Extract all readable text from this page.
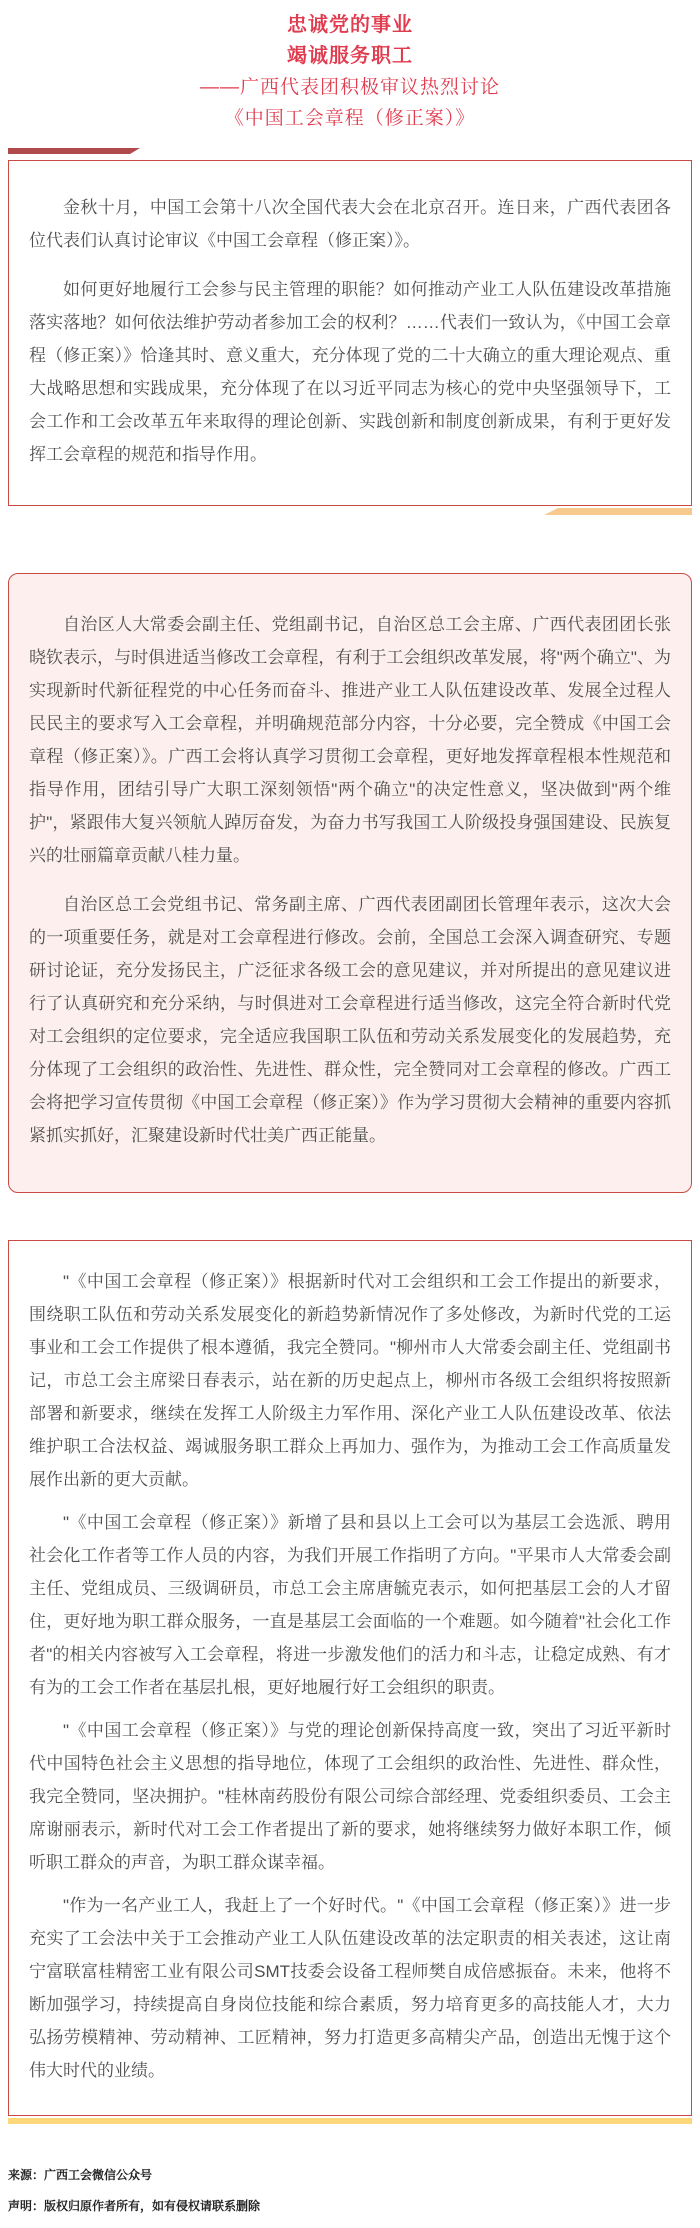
忠诚党的事业
竭诚服务职工
——广西代表团积极审议热烈讨论
《中国工会章程（修正案）》

金秋十月，中国工会第十八次全国代表大会在北京召开。连日来，广西代表团各位代表们认真讨论审议《中国工会章程（修正案）》。

如何更好地履行工会参与民主管理的职能？如何推动产业工人队伍建设改革措施落实落地？如何依法维护劳动者参加工会的权利？……代表们一致认为，《中国工会章程（修正案）》恰逢其时、意义重大，充分体现了党的二十大确立的重大理论观点、重大战略思想和实践成果，充分体现了在以习近平同志为核心的党中央坚强领导下，工会工作和工会改革五年来取得的理论创新、实践创新和制度创新成果，有利于更好发挥工会章程的规范和指导作用。

自治区人大常委会副主任、党组副书记，自治区总工会主席、广西代表团团长张晓钦表示，与时俱进适当修改工会章程，有利于工会组织改革发展，将"两个确立"、为实现新时代新征程党的中心任务而奋斗、推进产业工人队伍建设改革、发展全过程人民民主的要求写入工会章程，并明确规范部分内容，十分必要，完全赞成《中国工会章程（修正案）》。广西工会将认真学习贯彻工会章程，更好地发挥章程根本性规范和指导作用，团结引导广大职工深刻领悟"两个确立"的决定性意义，坚决做到"两个维护"，紧跟伟大复兴领航人踔厉奋发，为奋力书写我国工人阶级投身强国建设、民族复兴的壮丽篇章贡献八桂力量。

自治区总工会党组书记、常务副主席、广西代表团副团长管理年表示，这次大会的一项重要任务，就是对工会章程进行修改。会前，全国总工会深入调查研究、专题研讨论证，充分发扬民主，广泛征求各级工会的意见建议，并对所提出的意见建议进行了认真研究和充分采纳，与时俱进对工会章程进行适当修改，这完全符合新时代党对工会组织的定位要求，完全适应我国职工队伍和劳动关系发展变化的发展趋势，充分体现了工会组织的政治性、先进性、群众性，完全赞同对工会章程的修改。广西工会将把学习宣传贯彻《中国工会章程（修正案）》作为学习贯彻大会精神的重要内容抓紧抓实抓好，汇聚建设新时代壮美广西正能量。

"《中国工会章程（修正案）》根据新时代对工会组织和工会工作提出的新要求，围绕职工队伍和劳动关系发展变化的新趋势新情况作了多处修改，为新时代党的工运事业和工会工作提供了根本遵循，我完全赞同。"柳州市人大常委会副主任、党组副书记，市总工会主席梁日春表示，站在新的历史起点上，柳州市各级工会组织将按照新部署和新要求，继续在发挥工人阶级主力军作用、深化产业工人队伍建设改革、依法维护职工合法权益、竭诚服务职工群众上再加力、强作为，为推动工会工作高质量发展作出新的更大贡献。

"《中国工会章程（修正案）》新增了县和县以上工会可以为基层工会选派、聘用社会化工作者等工作人员的内容，为我们开展工作指明了方向。"平果市人大常委会副主任、党组成员、三级调研员，市总工会主席唐毓克表示，如何把基层工会的人才留住，更好地为职工群众服务，一直是基层工会面临的一个难题。如今随着"社会化工作者"的相关内容被写入工会章程，将进一步激发他们的活力和斗志，让稳定成熟、有才有为的工会工作者在基层扎根，更好地履行好工会组织的职责。

"《中国工会章程（修正案）》与党的理论创新保持高度一致，突出了习近平新时代中国特色社会主义思想的指导地位，体现了工会组织的政治性、先进性、群众性，我完全赞同，坚决拥护。"桂林南药股份有限公司综合部经理、党委组织委员、工会主席谢丽表示，新时代对工会工作者提出了新的要求，她将继续努力做好本职工作，倾听职工群众的声音，为职工群众谋幸福。

"作为一名产业工人，我赶上了一个好时代。"《中国工会章程（修正案）》进一步充实了工会法中关于工会推动产业工人队伍建设改革的法定职责的相关表述，这让南宁富联富桂精密工业有限公司SMT技委会设备工程师樊自成倍感振奋。未来，他将不断加强学习，持续提高自身岗位技能和综合素质，努力培育更多的高技能人才，大力弘扬劳模精神、劳动精神、工匠精神，努力打造更多高精尖产品，创造出无愧于这个伟大时代的业绩。

来源：广西工会微信公众号

声明：版权归原作者所有，如有侵权请联系删除
